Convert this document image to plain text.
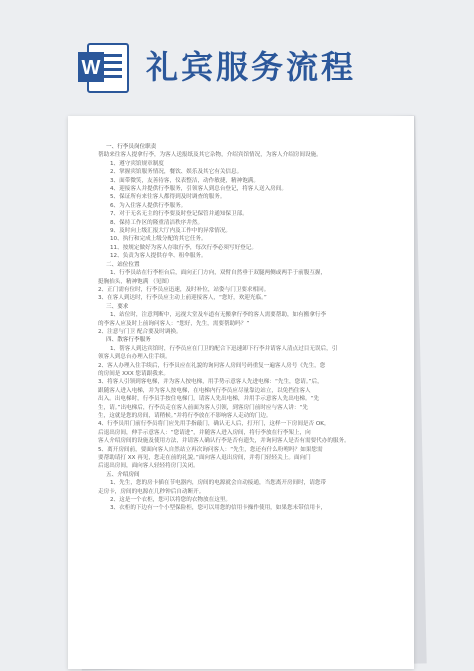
W 礼宾服务流程
一、行李员岗位职责
帮助来往客人提拿行李，为客人送报纸及其它杂物，介绍宾馆情况，为客人介绍房间设施。
1、遵守宾馆规章制度
2、掌握宾馆服务情况，餐饮、娱乐及其它有关信息。
3、面带微笑，友善待客，仪表整洁，动作敏捷，精神饱满。
4、迎接客人并提供行李服务，引领客人到总台登记，将客人送入房间。
5、保证所有来往客人都得到及时调查的服务。
6、为入住客人提供行李服务。
7、对于无名无主的行李要及时登记保管并通知保卫部。
8、保持工作区的隆重清洁秩序井然。
9、及时向上级汇报大厅内及工作中的异常情况。
10、执行和完成上级分配的其它任务。
11、按规定做好为客人存取行李，每次行李必须写好登记。
12、负责为客人提供存伞、租伞服务。
二、站位位置
1、行李员站在行李柜台后，面向正门方向，双臂自然垂于双腿两侧或两手于前腹互握，
挺胸抬头，精神饱满 （见图）
2、正门需有位时，行李员应迅速，及时补位，站姿与门卫要求相同。
3、在客人到达时，行李员应主动上前迎接客人，“您好，欢迎光临。”
三、要求
1、站位时，注意判断中，远视大堂及车道有无搬拿行李的客人需要帮助，如有搬拿行李
的李客人应及时上前询问客人：“您好，先生，需要帮助吗？”
2、注意与门卫 配合要及时调换。
四、散客行李服务
1、帮客人到达宾馆时，行李员应在门卫的配合下迅速卸下行李并请客人清点过目无误后，引
领客人到总台办理入住手续。
2、客人办理入住手续后，行李员应在礼貌的询问客人房间号码重复一遍客人房号《先生，您
的房间是 XXX 您请跟我来。
3、将客人引领到客电梯，并为客人按电梯，用手势示意客人先进电梯：“先生，您请。”后，
跟随客人进入电梯，并为客人按电梯，在电梯内行李员应尽量靠边站立，以免挡住客人
出入。出电梯时，行李员手按住电梯门，请客人先出电梯，并用手示意客人先出电梯。“先
生，请。”出电梯后，行李员走在客人前面为客人引领，到客房门前时应与客人讲：“先
生，这就是您的房间，请稍候。”并将行李放在不影响客人走动的门边。
4、行李员用门前行李员将门应先用手指敲门，确认无人后，打开门，这样一下房间是否 OK，
后退出房间，伸手示意客人：“您请进”，并随客人进入房间，将行李放在行李架上，向
客人介绍房间的设施及使用方法，并请客人确认行李是否有遗失，并询问客人是否有需要代办的服务。
5、离开房间前，要面向客人自然站立再次询问客人：“先生，您还有什么吩咐吗？如果您需
要帮助请打 XX 再见，您走在前的礼貌。”面向客人退出房间，并将门轻轻关上。面向门
后退出房间，面向客人轻轻将房门关闭。
五、介绍房间
1、先生，您的房卡插在节电器内，房间的电源就会自动接通，当您离开房间时，请您带
走房卡，房间的电源在几秒钟后自动断开。
2、这是一个衣柜，您可以将您的衣物放在这里。
3、衣柜的下边有一个小型保险柜，您可以用您的信用卡操作使用，如果您未带信用卡，
